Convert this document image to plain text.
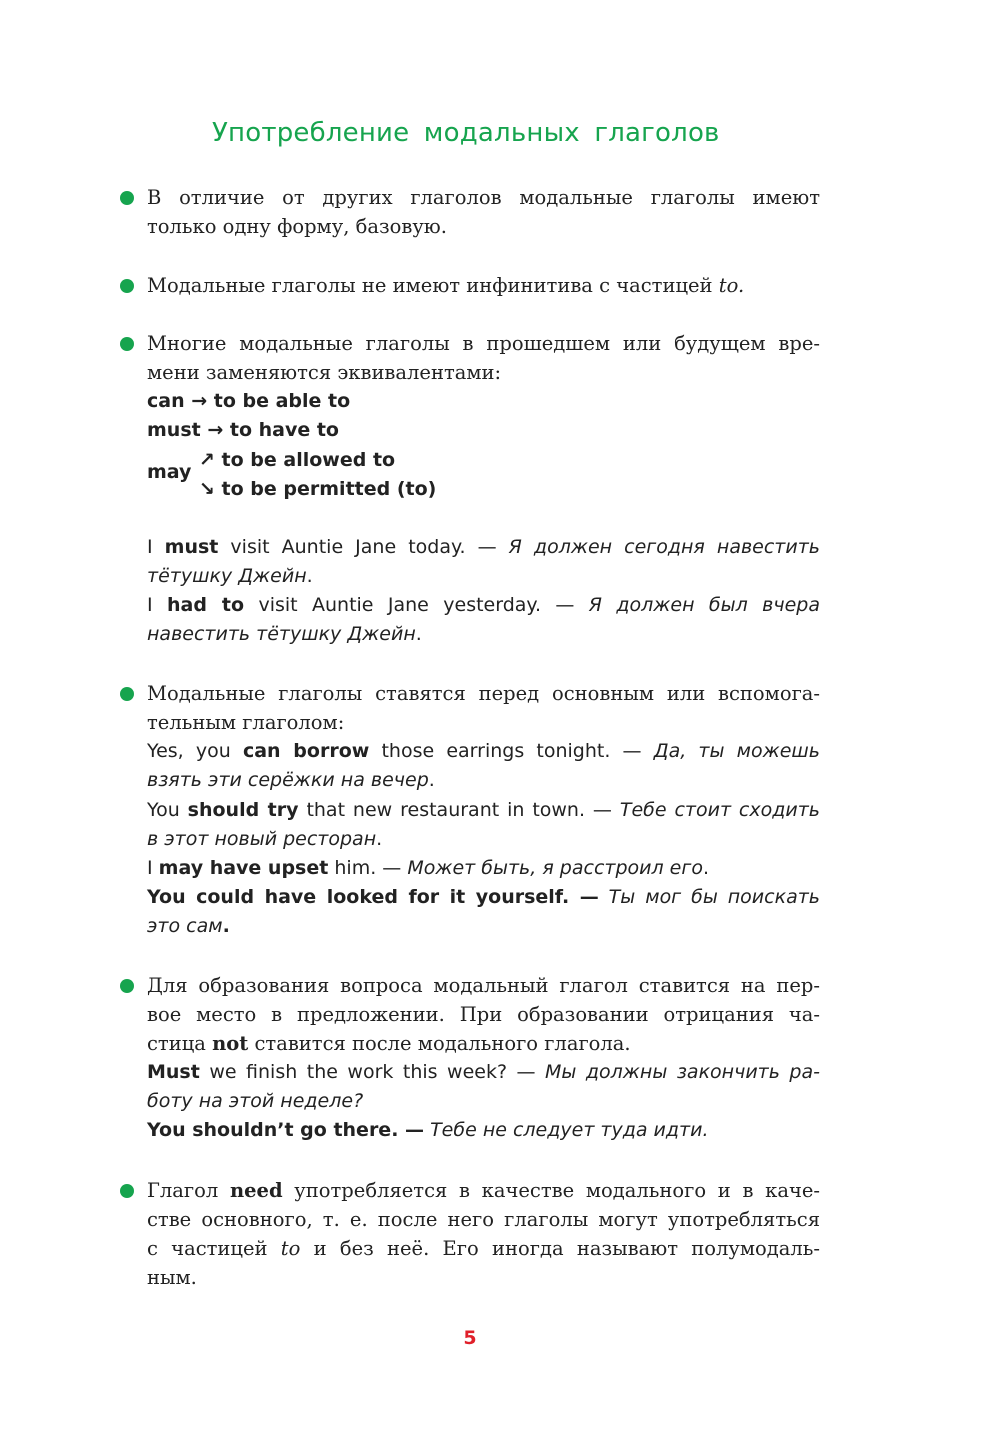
Употребление модальных глаголов
В отличие от других глаголов модальные глаголы имеют
только одну форму, базовую.
Модальные глаголы не имеют инфинитива с частицей to.
Многие модальные глаголы в прошедшем или будущем вре-
мени заменяются эквивалентами:
can → to be able to
must → to have to
may
↗ to be allowed to
↘ to be permitted (to)
I must visit Auntie Jane today. — Я должен сегодня навестить
тётушку Джейн.
I had to visit Auntie Jane yesterday. — Я должен был вчера
навестить тётушку Джейн.
Модальные глаголы ставятся перед основным или вспомога-
тельным глаголом:
Yes, you can borrow those earrings tonight. — Да, ты можешь
взять эти серёжки на вечер.
You should try that new restaurant in town. — Тебе стоит сходить
в этот новый ресторан.
I may have upset him. — Может быть, я расстроил его.
You could have looked for it yourself. — Ты мог бы поискать
это сам.
Для образования вопроса модальный глагол ставится на пер-
вое место в предложении. При образовании отрицания ча-
стица not ставится после модального глагола.
Must we finish the work this week? — Мы должны закончить ра-
боту на этой неделе?
You shouldn’t go there. — Тебе не следует туда идти.
Глагол need употребляется в качестве модального и в каче-
стве основного, т. е. после него глаголы могут употребляться
с частицей to и без неё. Его иногда называют полумодаль-
ным.
5
